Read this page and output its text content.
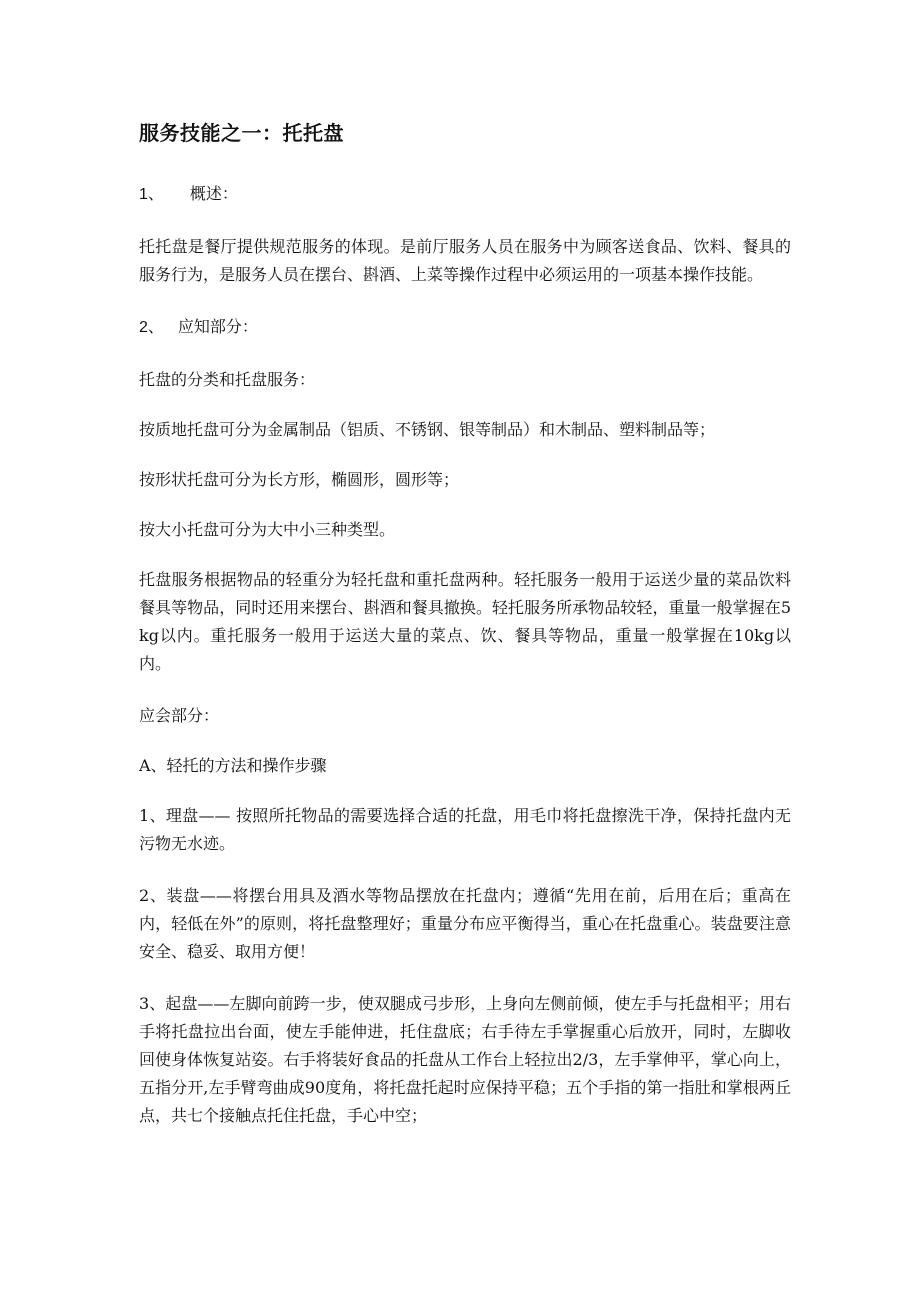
服务技能之一：托托盘

1、 概述：

托托盘是餐厅提供规范服务的体现。是前厅服务人员在服务中为顾客送食品、饮料、餐具的服务行为，是服务人员在摆台、斟酒、上菜等操作过程中必须运用的一项基本操作技能。

2、 应知部分：

托盘的分类和托盘服务：

按质地托盘可分为金属制品（铝质、不锈钢、银等制品）和木制品、塑料制品等；

按形状托盘可分为长方形，椭圆形，圆形等；

按大小托盘可分为大中小三种类型。

托盘服务根据物品的轻重分为轻托盘和重托盘两种。轻托服务一般用于运送少量的菜品饮料餐具等物品，同时还用来摆台、斟酒和餐具撤换。轻托服务所承物品较轻，重量一般掌握在5kg以内。重托服务一般用于运送大量的菜点、饮、餐具等物品，重量一般掌握在10kg以内。

应会部分：

A、轻托的方法和操作步骤

1、理盘—— 按照所托物品的需要选择合适的托盘，用毛巾将托盘擦洗干净，保持托盘内无污物无水迹。

2、装盘——将摆台用具及酒水等物品摆放在托盘内；遵循“先用在前，后用在后；重高在内，轻低在外”的原则，将托盘整理好；重量分布应平衡得当，重心在托盘重心。装盘要注意安全、稳妥、取用方便！

3、起盘——左脚向前跨一步，使双腿成弓步形，上身向左侧前倾，使左手与托盘相平；用右手将托盘拉出台面，使左手能伸进，托住盘底；右手待左手掌握重心后放开，同时，左脚收回使身体恢复站姿。右手将装好食品的托盘从工作台上轻拉出2/3，左手掌伸平，掌心向上，五指分开,左手臂弯曲成90度角，将托盘托起时应保持平稳；五个手指的第一指肚和掌根两丘点，共七个接触点托住托盘，手心中空；
